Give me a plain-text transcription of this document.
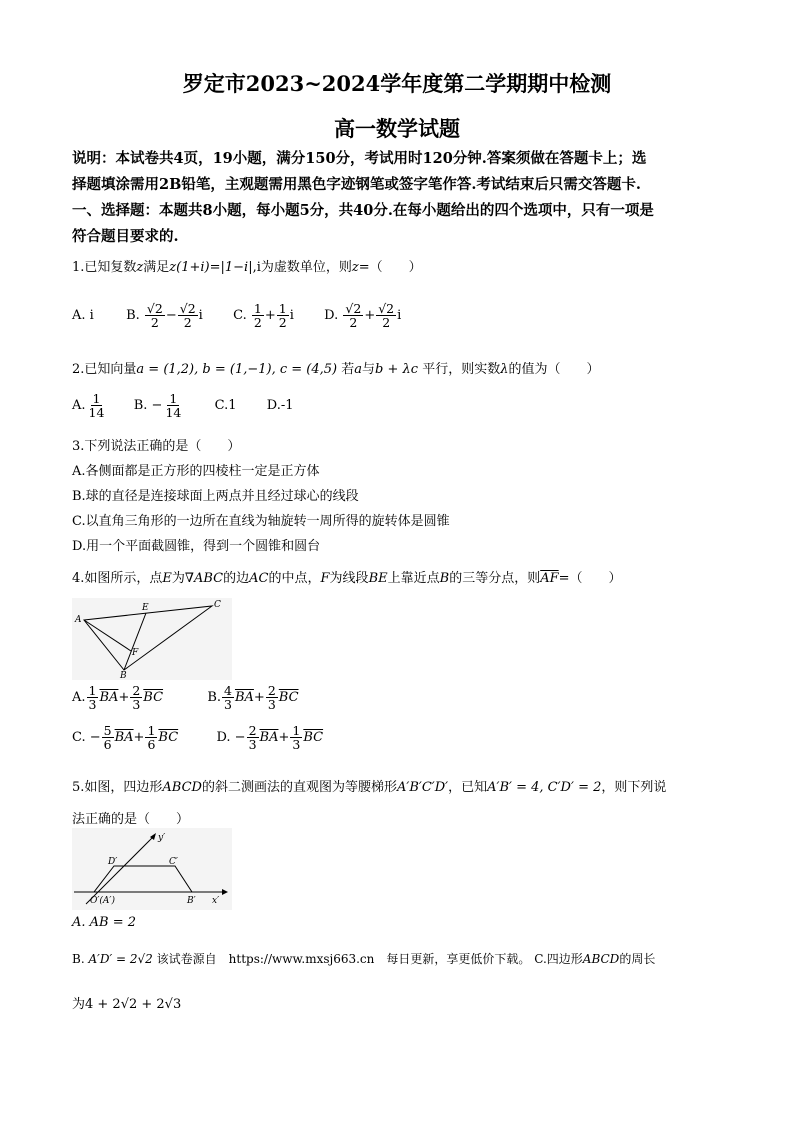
罗定市2023~2024学年度第二学期期中检测
高一数学试题
说明：本试卷共4页，19小题，满分150分，考试用时120分钟.答案须做在答题卡上；选
择题填涂需用2B铅笔，主观题需用黑色字迹钢笔或签字笔作答.考试结束后只需交答题卡.
一、选择题：本题共8小题，每小题5分，共40分.在每小题给出的四个选项中，只有一项是
符合题目要求的.
1.已知复数z满足z(1+i)=|1−i|,i为虚数单位，则z=（　　）
A. i B. $\frac{√2}{2} - \frac{√2}{2}$ i C. $\frac{1}{2} + \frac{1}{2}$ i D. $\frac{√2}{2} + \frac{√2}{2}$ i
2.已知向量a = (1,2), b = (1,−1), c = (4,5) 若a与b + λc 平行，则实数λ的值为（　　）
A. $\frac{1}{14} B$. − $\frac{1}{14} C.1$ D.-1
3.下列说法正确的是（　　）
A.各侧面都是正方形的四棱柱一定是正方体
B.球的直径是连接球面上两点并且经过球心的线段
C.以直角三角形的一边所在直线为轴旋转一周所得的旋转体是圆锥
D.用一个平面截圆锥，得到一个圆锥和圆台
4.如图所示，点E为∇ABC的边AC的中点，F为线段BE上靠近点B的三等分点，则$\overline{AF}=$（　　）
A
C
E
F
B
A. $\frac{1}{3} \overline{BA}+ \frac{2}{3} \overline{BC}$	B. $\frac{4}{3} \overline{BA}+ \frac{2}{3} \overline{BC}$
C. − $\frac{5}{6} \overline{BA}+ \frac{1}{6} \overline{BC}$	D. − $\frac{2}{3} \overline{BA}+ \frac{1}{3} \overline{BC}$
5.如图，四边形ABCD的斜二测画法的直观图为等腰梯形A′B′C′D′，已知A′B′ = 4, C′D′ = 2，则下列说
法正确的是（　　）
y′
x′
D′	C′
O′(A′)	B′
A. AB = 2
B. A′D′ = 2√2 该试卷源自　https://www.mxsj663.cn　每日更新，享更低价下载。 C.四边形ABCD的周长
为4 + 2√2 + 2√3
